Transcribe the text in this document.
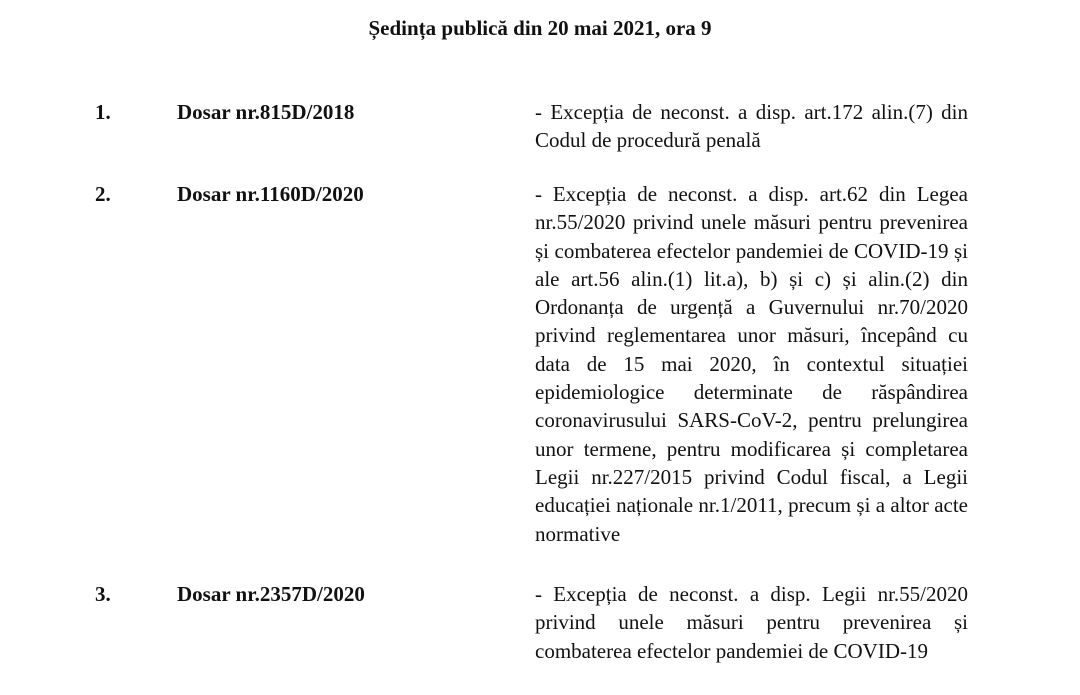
Ședința publică din 20 mai 2021, ora 9
1.	Dosar nr.815D/2018	- Excepția de neconst. a disp. art.172 alin.(7) din Codul de procedură penală

2.	Dosar nr.1160D/2020	- Excepția de neconst. a disp. art.62 din Legea nr.55/2020 privind unele măsuri pentru prevenirea și combaterea efectelor pandemiei de COVID-19 și ale art.56 alin.(1) lit.a), b) și c) și alin.(2) din Ordonanța de urgență a Guvernului nr.70/2020 privind reglementarea unor măsuri, începând cu data de 15 mai 2020, în contextul situației epidemiologice determinate de răspândirea coronavirusului SARS-CoV-2, pentru prelungirea unor termene, pentru modificarea și completarea Legii nr.227/2015 privind Codul fiscal, a Legii educației naționale nr.1/2011, precum și a altor acte normative

3.	Dosar nr.2357D/2020	- Excepția de neconst. a disp. Legii nr.55/2020 privind unele măsuri pentru prevenirea și combaterea efectelor pandemiei de COVID-19
